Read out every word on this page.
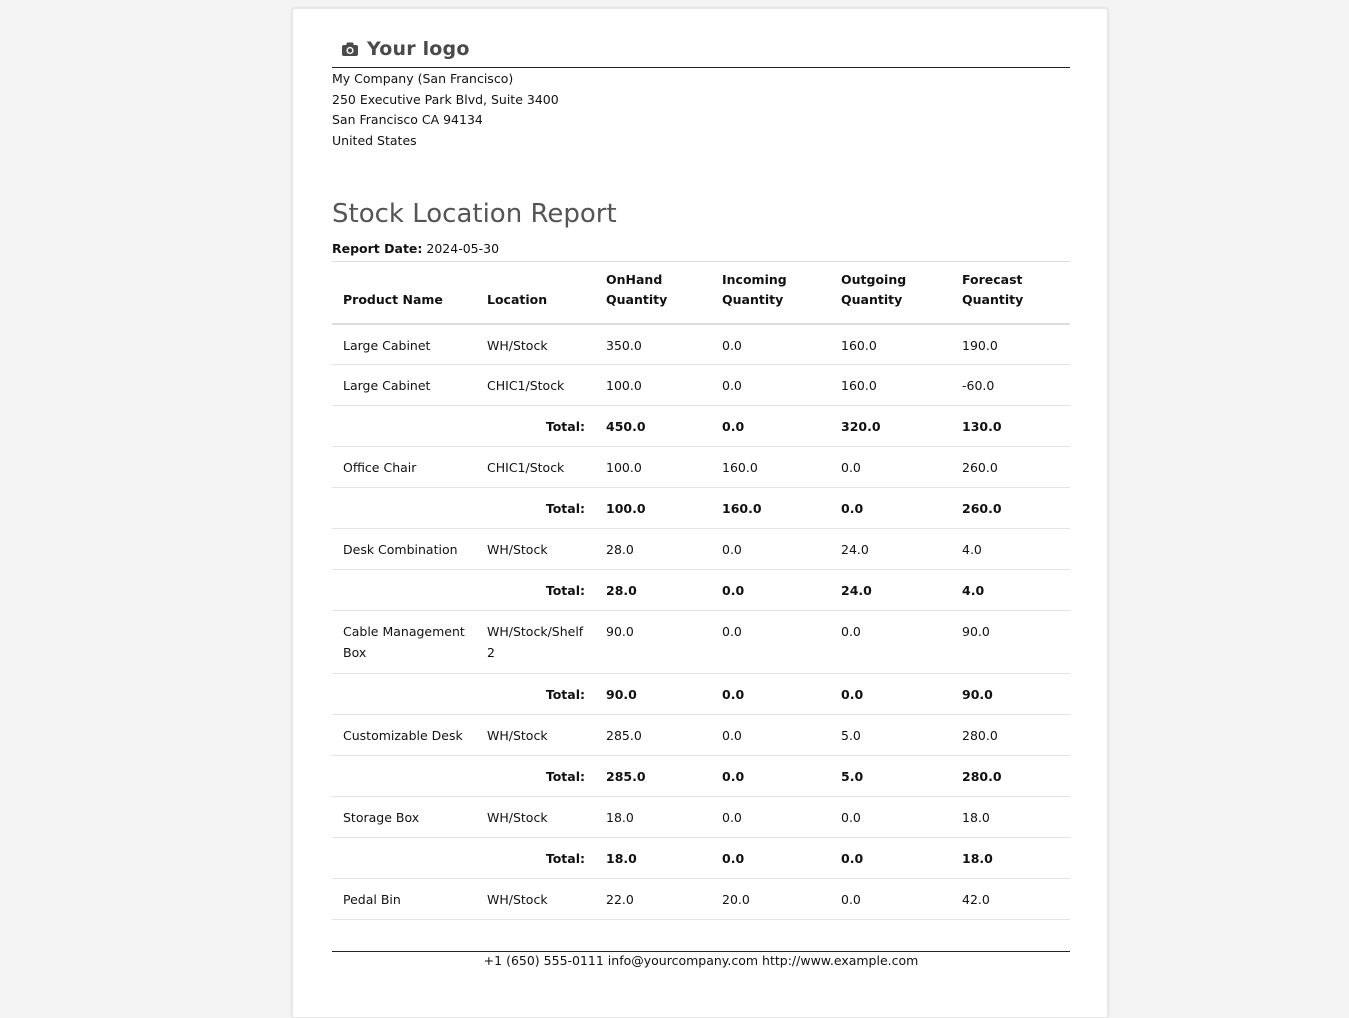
Your logo
My Company (San Francisco)
250 Executive Park Blvd, Suite 3400
San Francisco CA 94134
United States
Stock Location Report
Report Date: 2024-05-30
Product Name	Location	OnHand Quantity	Incoming Quantity	Outgoing Quantity	Forecast Quantity
Large Cabinet	WH/Stock	350.0	0.0	160.0	190.0
Large Cabinet	CHIC1/Stock	100.0	0.0	160.0	-60.0
	Total:	450.0	0.0	320.0	130.0
Office Chair	CHIC1/Stock	100.0	160.0	0.0	260.0
	Total:	100.0	160.0	0.0	260.0
Desk Combination	WH/Stock	28.0	0.0	24.0	4.0
	Total:	28.0	0.0	24.0	4.0
Cable Management Box	WH/Stock/Shelf 2	90.0	0.0	0.0	90.0
	Total:	90.0	0.0	0.0	90.0
Customizable Desk	WH/Stock	285.0	0.0	5.0	280.0
	Total:	285.0	0.0	5.0	280.0
Storage Box	WH/Stock	18.0	0.0	0.0	18.0
	Total:	18.0	0.0	0.0	18.0
Pedal Bin	WH/Stock	22.0	20.0	0.0	42.0
+1 (650) 555-0111 info@yourcompany.com http://www.example.com
